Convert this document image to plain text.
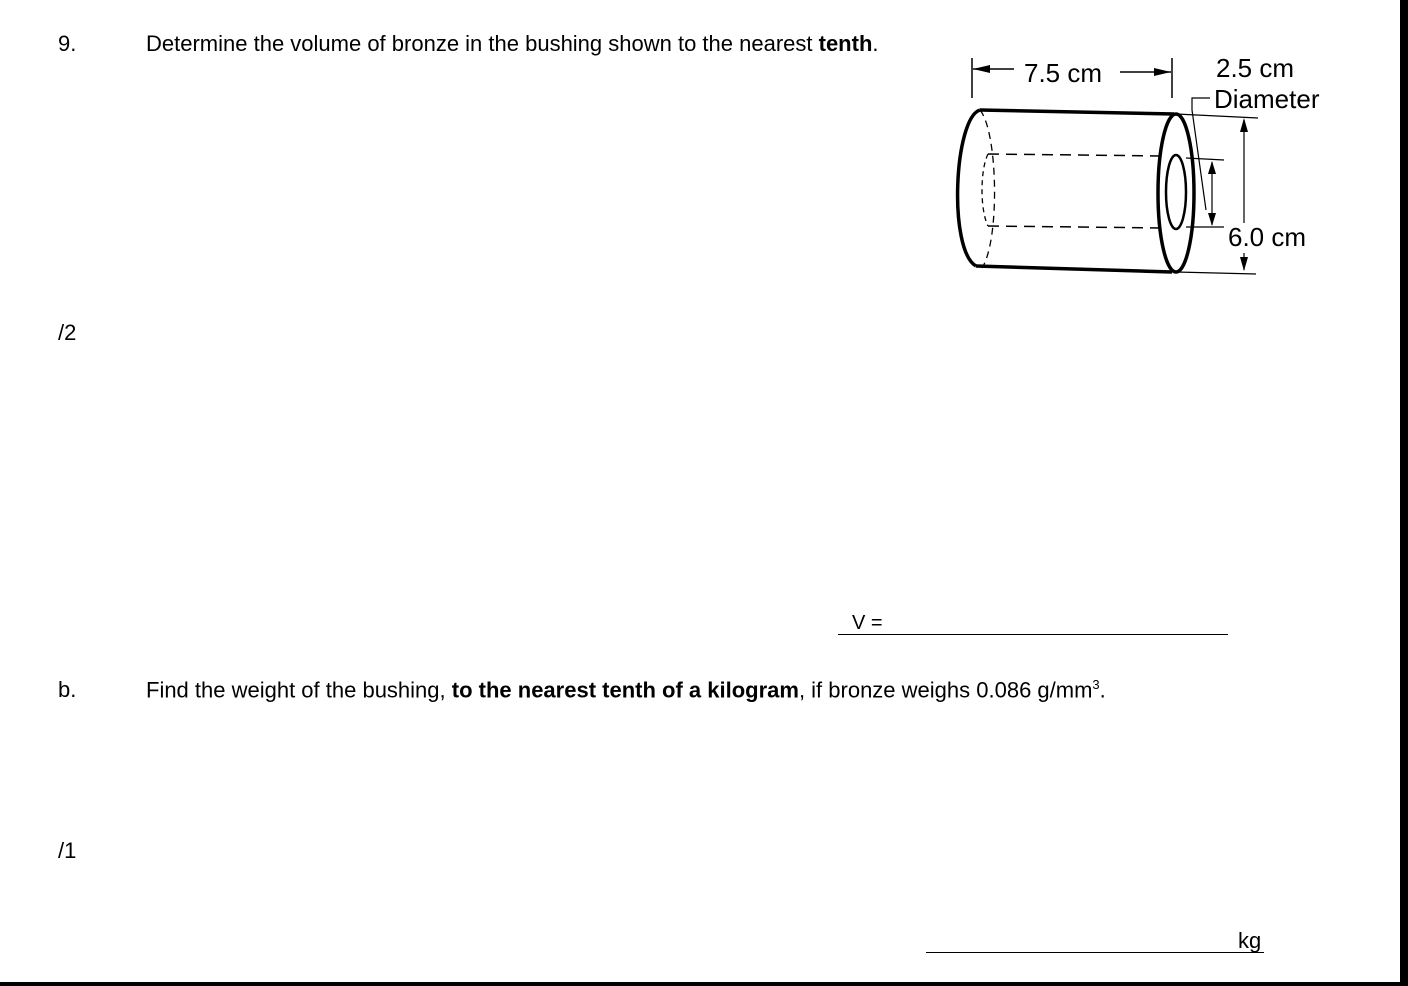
9.	Determine the volume of bronze in the bushing shown to the nearest tenth.
/2
7.5 cm	2.5 cm
Diameter
6.0 cm
V =
b.	Find the weight of the bushing, to the nearest tenth of a kilogram, if bronze weighs 0.086 $g/mm^3$.
/1
kg
